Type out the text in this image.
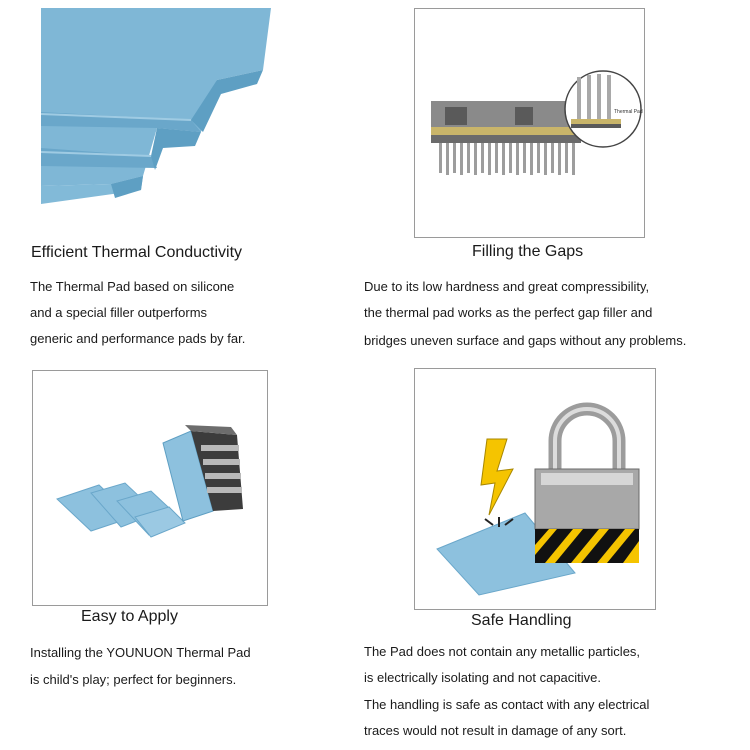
Efficient Thermal Conductivity
The Thermal Pad based on silicone
and a special filler outperforms
generic and performance pads by far.
Thermal Pad
Filling the Gaps
Due to its low hardness and great compressibility,
the thermal pad works as the perfect gap filler and
bridges uneven surface and gaps without any problems.
Easy to Apply
Installing the YOUNUON Thermal Pad
is child's play; perfect for beginners.
Safe Handling
The Pad does not contain any metallic particles,
is electrically isolating and not capacitive.
The handling is safe as contact with any electrical
traces would not result in damage of any sort.
